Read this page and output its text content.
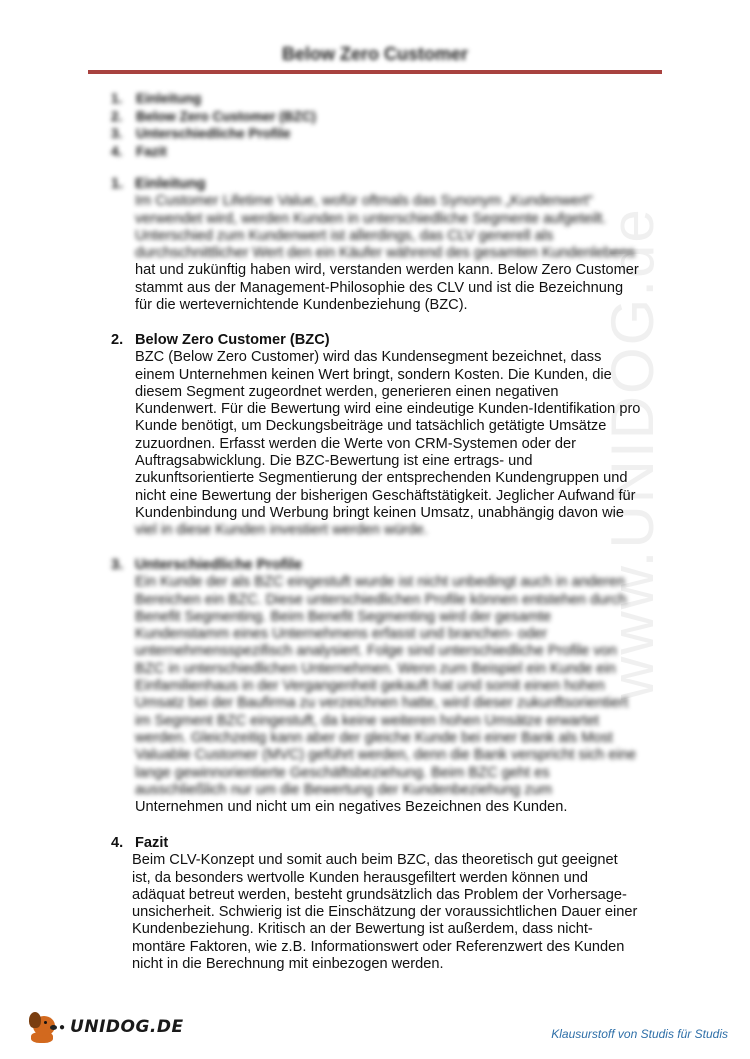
Below Zero Customer
www.UNIDOG.de
1. Einleitung
2. Below Zero Customer (BZC)
3. Unterschiedliche Profile
4. Fazit
1. Einleitung
Im Customer Lifetime Value, wofür oftmals das Synonym „Kundenwert“
verwendet wird, werden Kunden in unterschiedliche Segmente aufgeteilt.
Unterschied zum Kundenwert ist allerdings, das CLV generell als
durchschnittlicher Wert den ein Käufer während des gesamten Kundenlebens
hat und zukünftig haben wird, verstanden werden kann. Below Zero Customer
stammt aus der Management-Philosophie des CLV und ist die Bezeichnung
für die wertevernichtende Kundenbeziehung (BZC).
2. Below Zero Customer (BZC)
BZC (Below Zero Customer) wird das Kundensegment bezeichnet, dass
einem Unternehmen keinen Wert bringt, sondern Kosten. Die Kunden, die
diesem Segment zugeordnet werden, generieren einen negativen
Kundenwert. Für die Bewertung wird eine eindeutige Kunden-Identifikation pro
Kunde benötigt, um Deckungsbeiträge und tatsächlich getätigte Umsätze
zuzuordnen. Erfasst werden die Werte von CRM-Systemen oder der
Auftragsabwicklung. Die BZC-Bewertung ist eine ertrags- und
zukunftsorientierte Segmentierung der entsprechenden Kundengruppen und
nicht eine Bewertung der bisherigen Geschäftstätigkeit. Jeglicher Aufwand für
Kundenbindung und Werbung bringt keinen Umsatz, unabhängig davon wie
viel in diese Kunden investiert werden würde.
3. Unterschiedliche Profile
Ein Kunde der als BZC eingestuft wurde ist nicht unbedingt auch in anderen
Bereichen ein BZC. Diese unterschiedlichen Profile können entstehen durch
Benefit Segmenting. Beim Benefit Segmenting wird der gesamte
Kundenstamm eines Unternehmens erfasst und branchen- oder
unternehmensspezifisch analysiert. Folge sind unterschiedliche Profile von
BZC in unterschiedlichen Unternehmen. Wenn zum Beispiel ein Kunde ein
Einfamilienhaus in der Vergangenheit gekauft hat und somit einen hohen
Umsatz bei der Baufirma zu verzeichnen hatte, wird dieser zukunftsorientiert
im Segment BZC eingestuft, da keine weiteren hohen Umsätze erwartet
werden. Gleichzeitig kann aber der gleiche Kunde bei einer Bank als Most
Valuable Customer (MVC) geführt werden, denn die Bank verspricht sich eine
lange gewinnorientierte Geschäftsbeziehung. Beim BZC geht es
ausschließlich nur um die Bewertung der Kundenbeziehung zum
Unternehmen und nicht um ein negatives Bezeichnen des Kunden.
4. Fazit
Beim CLV-Konzept und somit auch beim BZC, das theoretisch gut geeignet
ist, da besonders wertvolle Kunden herausgefiltert werden können und
adäquat betreut werden, besteht grundsätzlich das Problem der Vorhersage-
unsicherheit. Schwierig ist die Einschätzung der voraussichtlichen Dauer einer
Kundenbeziehung. Kritisch an der Bewertung ist außerdem, dass nicht-
montäre Faktoren, wie z.B. Informationswert oder Referenzwert des Kunden
nicht in die Berechnung mit einbezogen werden.
● UNIDOG.DE	Klausurstoff von Studis für Studis
